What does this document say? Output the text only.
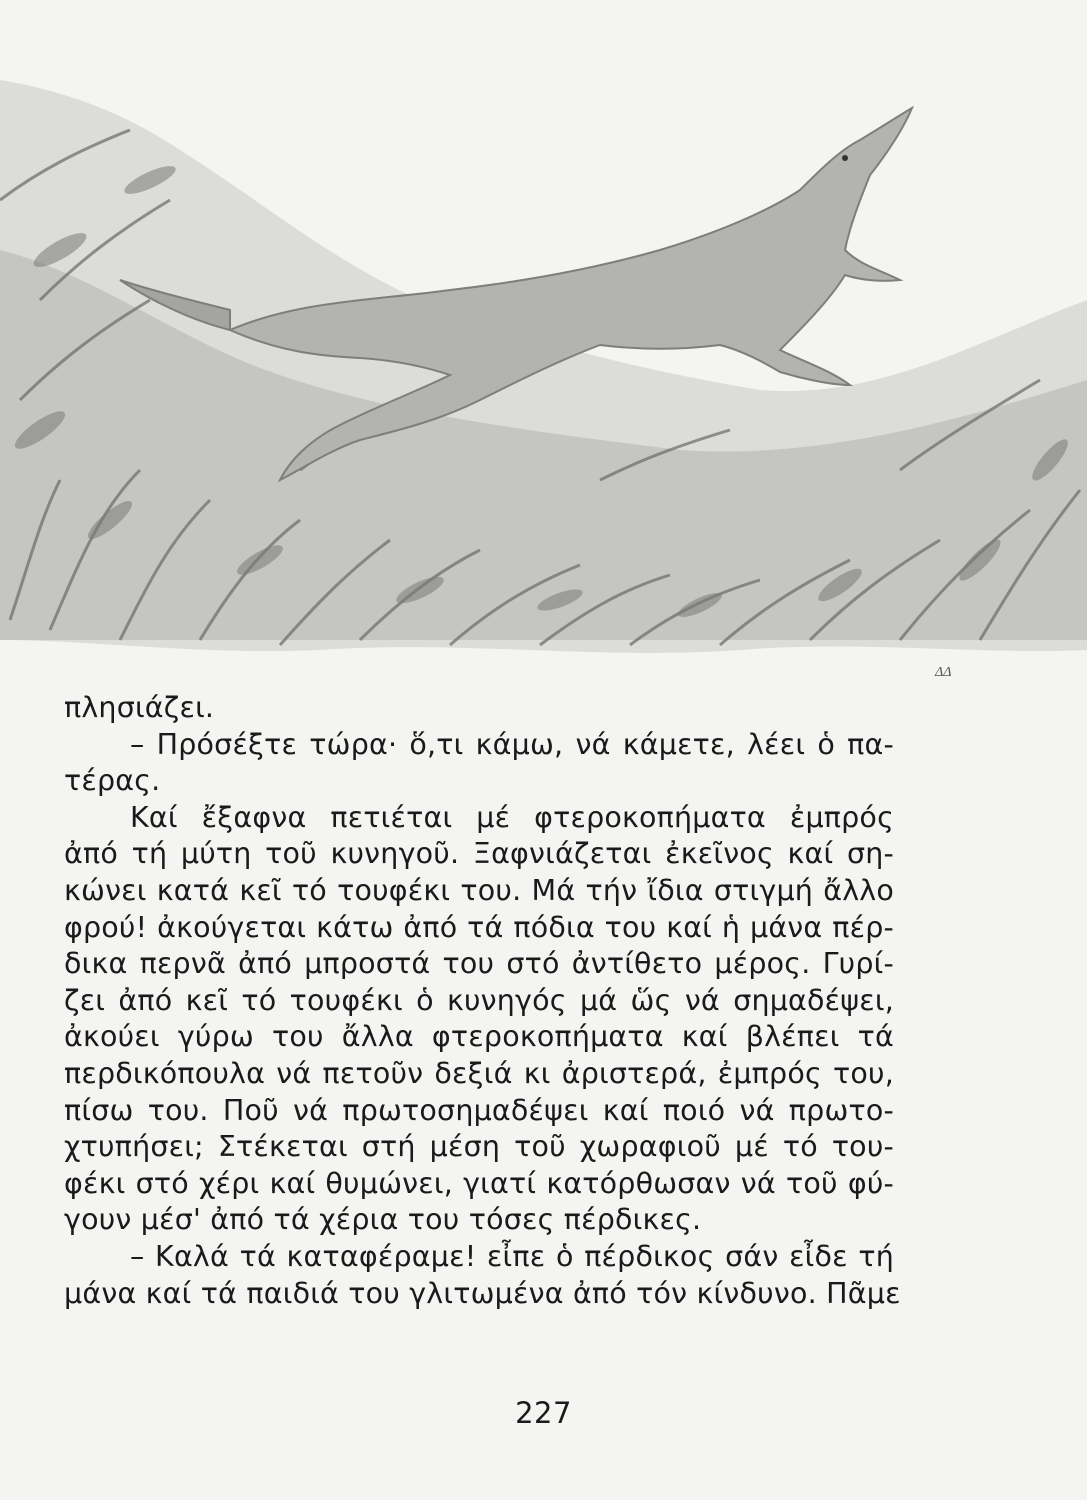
ΔΔ
πλησιάζει.
– Πρόσέξτε τώρα· ὅ,τι κάμω, νά κάμετε, λέει ὁ πα-
τέρας.
Καί ἔξαφνα πετιέται μέ φτεροκοπήματα ἐμπρός
ἀπό τή μύτη τοῦ κυνηγοῦ. Ξαφνιάζεται ἐκεῖνος καί ση-
κώνει κατά κεῖ τό τουφέκι του. Μά τήν ἴδια στιγμή ἄλλο
φρού! ἀκούγεται κάτω ἀπό τά πόδια του καί ἡ μάνα πέρ-
δικα περνᾶ ἀπό μπροστά του στό ἀντίθετο μέρος. Γυρί-
ζει ἀπό κεῖ τό τουφέκι ὁ κυνηγός μά ὥς νά σημαδέψει,
ἀκούει γύρω του ἄλλα φτεροκοπήματα καί βλέπει τά
περδικόπουλα νά πετοῦν δεξιά κι ἀριστερά, ἐμπρός του,
πίσω του. Ποῦ νά πρωτοσημαδέψει καί ποιό νά πρωτο-
χτυπήσει; Στέκεται στή μέση τοῦ χωραφιοῦ μέ τό του-
φέκι στό χέρι καί θυμώνει, γιατί κατόρθωσαν νά τοῦ φύ-
γουν μέσ' ἀπό τά χέρια του τόσες πέρδικες.
– Καλά τά καταφέραμε! εἶπε ὁ πέρδικος σάν εἶδε τή
μάνα καί τά παιδιά του γλιτωμένα ἀπό τόν κίνδυνο. Πᾶμε
227
